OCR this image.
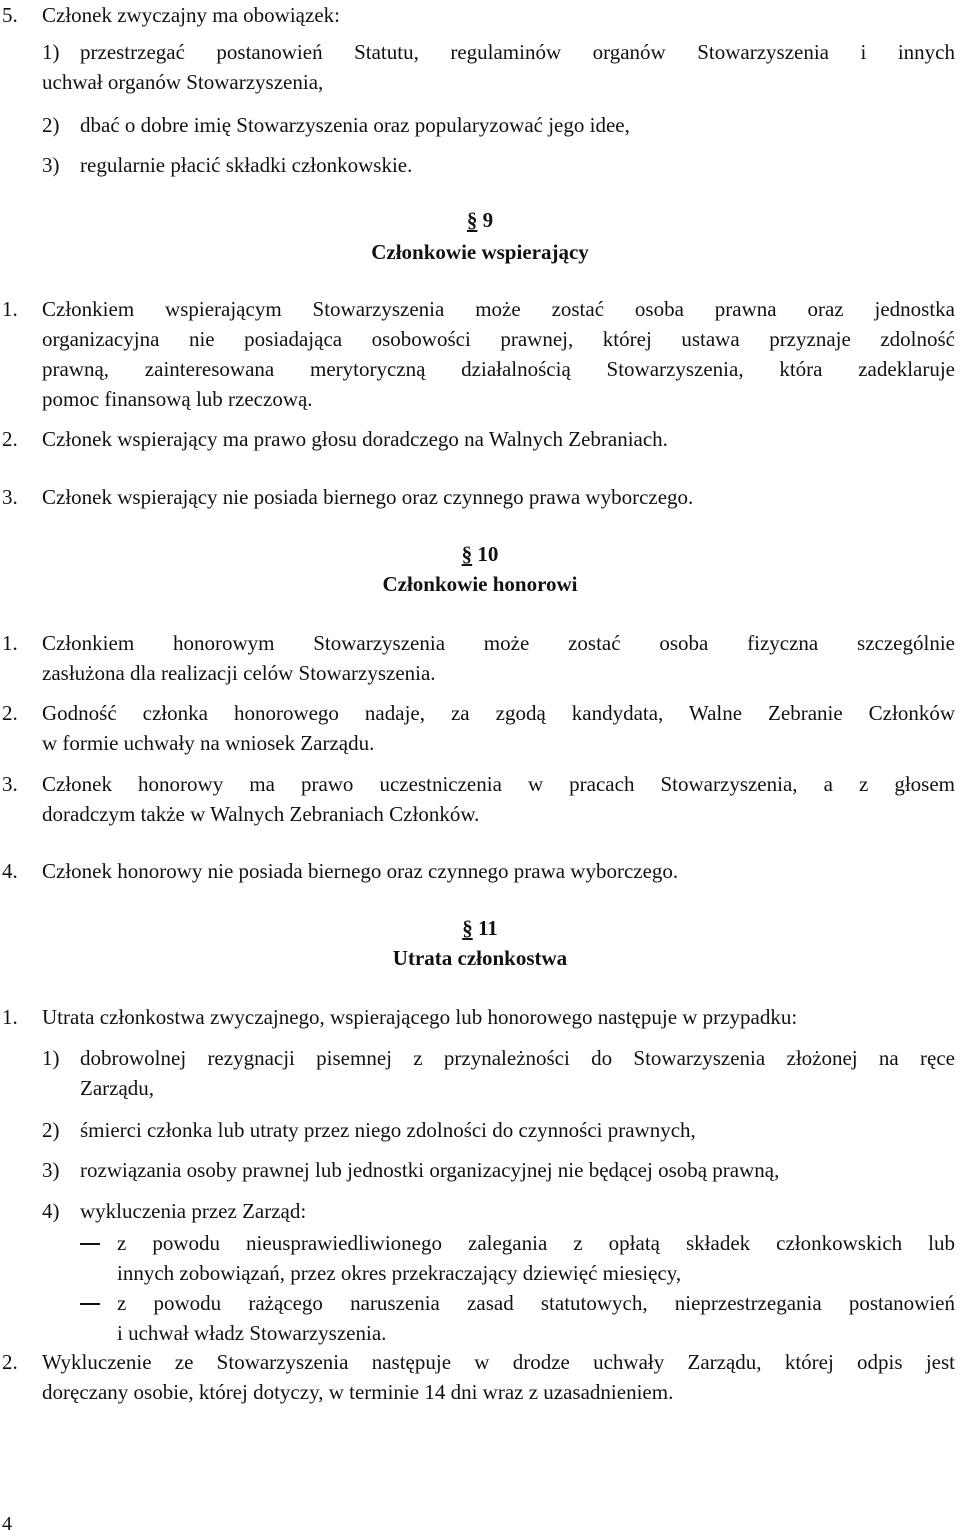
5. Członek zwyczajny ma obowiązek:
1) przestrzegać postanowień Statutu, regulaminów organów Stowarzyszenia i innych
uchwał organów Stowarzyszenia,
2) dbać o dobre imię Stowarzyszenia oraz popularyzować jego idee,
3) regularnie płacić składki członkowskie.
§ 9
Członkowie wspierający
1. Członkiem wspierającym Stowarzyszenia może zostać osoba prawna oraz jednostka
organizacyjna nie posiadająca osobowości prawnej, której ustawa przyznaje zdolność
prawną, zainteresowana merytoryczną działalnością Stowarzyszenia, która zadeklaruje
pomoc finansową lub rzeczową.
2. Członek wspierający ma prawo głosu doradczego na Walnych Zebraniach.
3. Członek wspierający nie posiada biernego oraz czynnego prawa wyborczego.
§ 10
Członkowie honorowi
1. Członkiem honorowym Stowarzyszenia może zostać osoba fizyczna szczególnie
zasłużona dla realizacji celów Stowarzyszenia.
2. Godność członka honorowego nadaje, za zgodą kandydata, Walne Zebranie Członków
w formie uchwały na wniosek Zarządu.
3. Członek honorowy ma prawo uczestniczenia w pracach Stowarzyszenia, a z głosem
doradczym także w Walnych Zebraniach Członków.
4. Członek honorowy nie posiada biernego oraz czynnego prawa wyborczego.
§ 11
Utrata członkostwa
1. Utrata członkostwa zwyczajnego, wspierającego lub honorowego następuje w przypadku:
1) dobrowolnej rezygnacji pisemnej z przynależności do Stowarzyszenia złożonej na ręce
Zarządu,
2) śmierci członka lub utraty przez niego zdolności do czynności prawnych,
3) rozwiązania osoby prawnej lub jednostki organizacyjnej nie będącej osobą prawną,
4) wykluczenia przez Zarząd:
z powodu nieusprawiedliwionego zalegania z opłatą składek członkowskich lub
innych zobowiązań, przez okres przekraczający dziewięć miesięcy,
z powodu rażącego naruszenia zasad statutowych, nieprzestrzegania postanowień
i uchwał władz Stowarzyszenia.
2. Wykluczenie ze Stowarzyszenia następuje w drodze uchwały Zarządu, której odpis jest
doręczany osobie, której dotyczy, w terminie 14 dni wraz z uzasadnieniem.
4
